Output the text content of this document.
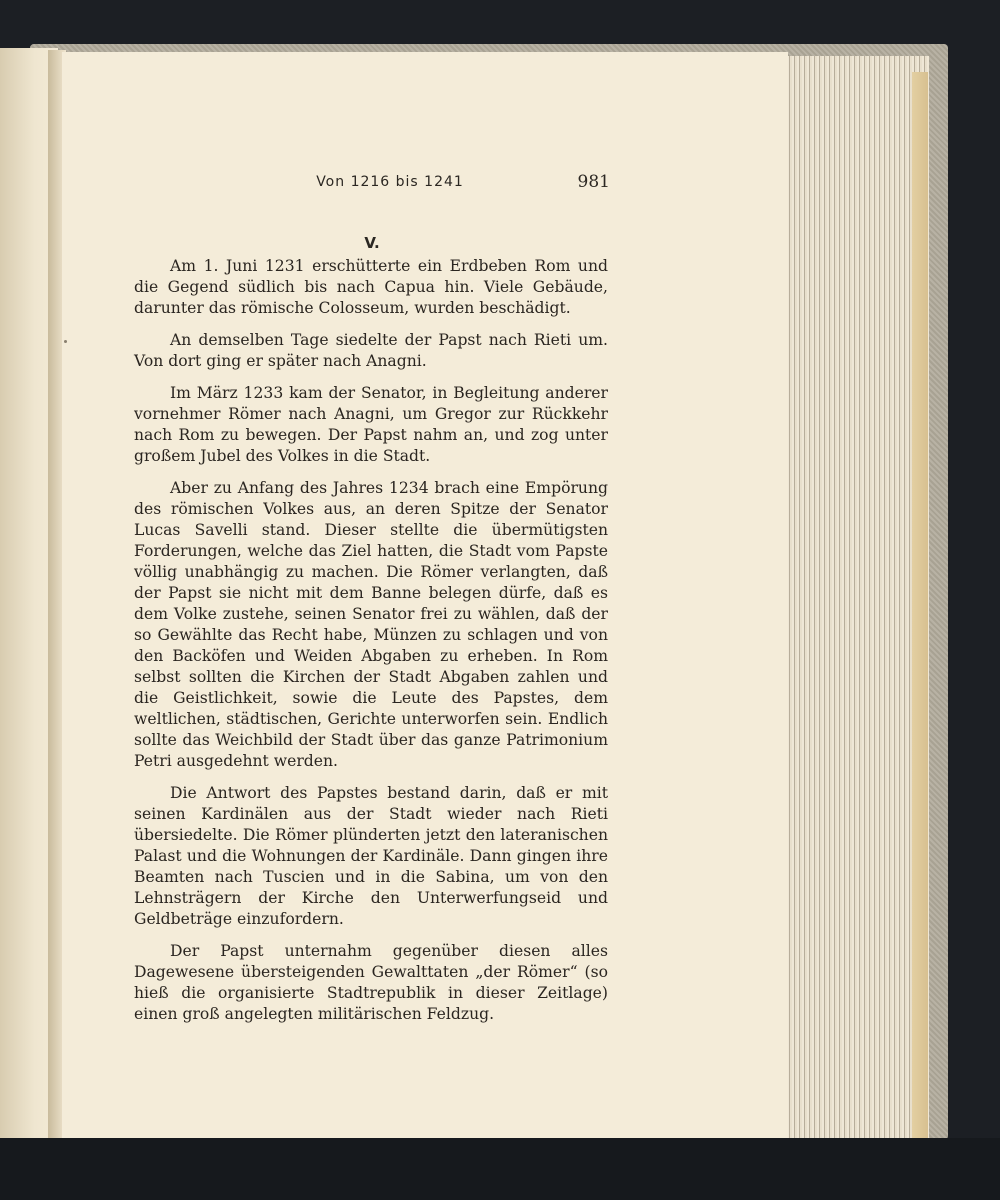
Von 1216 bis 1241	981
V.

Am 1. Juni 1231 erschütterte ein Erdbeben Rom und die Gegend südlich bis nach Capua hin. Viele Gebäude, darunter das römische Colosseum, wurden beschädigt.

An demselben Tage siedelte der Papst nach Rieti um. Von dort ging er später nach Anagni.

Im März 1233 kam der Senator, in Begleitung anderer vornehmer Römer nach Anagni, um Gregor zur Rückkehr nach Rom zu bewegen. Der Papst nahm an, und zog unter großem Jubel des Volkes in die Stadt.

Aber zu Anfang des Jahres 1234 brach eine Empörung des römischen Volkes aus, an deren Spitze der Senator Lucas Savelli stand. Dieser stellte die übermütigsten Forderungen, welche das Ziel hatten, die Stadt vom Papste völlig unabhängig zu machen. Die Römer verlangten, daß der Papst sie nicht mit dem Banne belegen dürfe, daß es dem Volke zustehe, seinen Senator frei zu wählen, daß der so Gewählte das Recht habe, Münzen zu schlagen und von den Backöfen und Weiden Abgaben zu erheben. In Rom selbst sollten die Kirchen der Stadt Abgaben zahlen und die Geistlichkeit, sowie die Leute des Papstes, dem weltlichen, städtischen, Gerichte unterworfen sein. Endlich sollte das Weichbild der Stadt über das ganze Patrimonium Petri ausgedehnt werden.

Die Antwort des Papstes bestand darin, daß er mit seinen Kardinälen aus der Stadt wieder nach Rieti übersiedelte. Die Römer plünderten jetzt den lateranischen Palast und die Wohnungen der Kardinäle. Dann gingen ihre Beamten nach Tuscien und in die Sabina, um von den Lehnsträgern der Kirche den Unterwerfungseid und Geldbeträge einzufordern.

Der Papst unternahm gegenüber diesen alles Dagewesene übersteigenden Gewalttaten „der Römer“ (so hieß die organisierte Stadtrepublik in dieser Zeitlage) einen groß angelegten militärischen Feldzug.
